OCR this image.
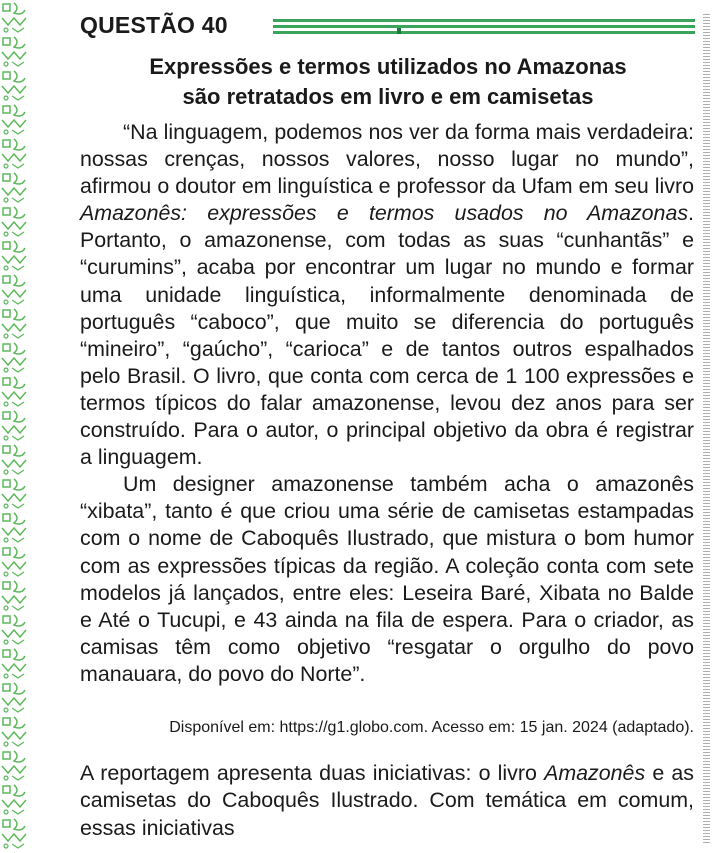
QUESTÃO 40
Expressões e termos utilizados no Amazonas
são retratados em livro e em camisetas

“Na linguagem, podemos nos ver da forma mais verdadeira: nossas crenças, nossos valores, nosso lugar no mundo”, afirmou o doutor em linguística e professor da Ufam em seu livro Amazonês: expressões e termos usados no Amazonas. Portanto, o amazonense, com todas as suas “cunhantãs” e “curumins”, acaba por encontrar um lugar no mundo e formar uma unidade linguística, informalmente denominada de português “caboco”, que muito se diferencia do português “mineiro”, “gaúcho”, “carioca” e de tantos outros espalhados pelo Brasil. O livro, que conta com cerca de 1 100 expressões e termos típicos do falar amazonense, levou dez anos para ser construído. Para o autor, o principal objetivo da obra é registrar a linguagem.

Um designer amazonense também acha o amazonês “xibata”, tanto é que criou uma série de camisetas estampadas com o nome de Caboquês Ilustrado, que mistura o bom humor com as expressões típicas da região. A coleção conta com sete modelos já lançados, entre eles: Leseira Baré, Xibata no Balde e Até o Tucupi, e 43 ainda na fila de espera. Para o criador, as camisas têm como objetivo “resgatar o orgulho do povo manauara, do povo do Norte”.

Disponível em: https://g1.globo.com. Acesso em: 15 jan. 2024 (adaptado).

A reportagem apresenta duas iniciativas: o livro Amazonês e as camisetas do Caboquês Ilustrado. Com temática em comum, essas iniciativas
